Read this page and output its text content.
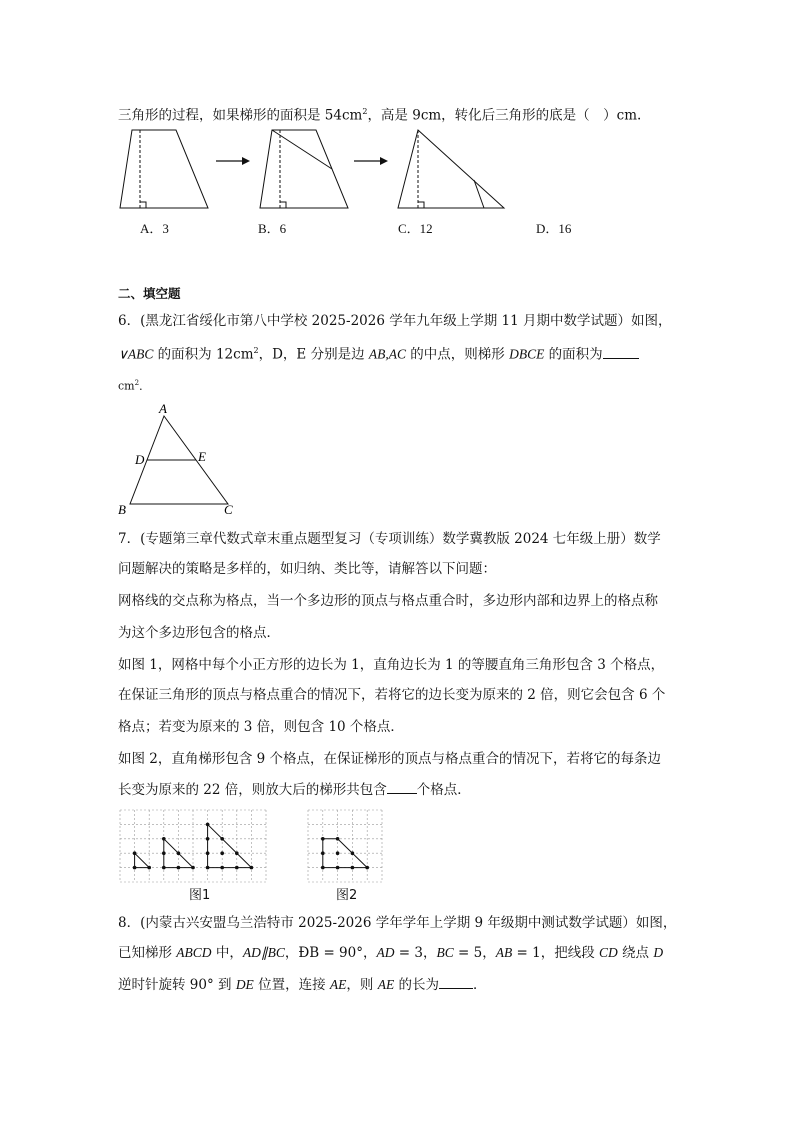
三角形的过程，如果梯形的面积是 $54cm^2$，高是 9cm，转化后三角形的底是（　）cm.
A．3	B．6	C．12	D．16
二、填空题
6．(黑龙江省绥化市第八中学校 2025-2026 学年九年级上学期 11 月期中数学试题）如图，
∨ABC 的面积为 $12cm^2$，D，E 分别是边 AB,AC 的中点，则梯形 DBCE 的面积为
$cm^2$．
A
B	C
D	E
7．(专题第三章代数式章末重点题型复习（专项训练）数学冀教版 2024 七年级上册）数学
问题解决的策略是多样的，如归纳、类比等，请解答以下问题：
网格线的交点称为格点，当一个多边形的顶点与格点重合时，多边形内部和边界上的格点称
为这个多边形包含的格点．
如图 1，网格中每个小正方形的边长为 1，直角边长为 1 的等腰直角三角形包含 3 个格点，
在保证三角形的顶点与格点重合的情况下，若将它的边长变为原来的 2 倍，则它会包含 6 个
格点；若变为原来的 3 倍，则包含 10 个格点．
如图 2，直角梯形包含 9 个格点，在保证梯形的顶点与格点重合的情况下，若将它的每条边
长变为原来的 22 倍，则放大后的梯形共包含 个格点．
图1	图2
8．(内蒙古兴安盟乌兰浩特市 2025-2026 学年学年上学期 9 年级期中测试数学试题）如图，
已知梯形 ABCD 中，AD∥BC，ÐB = 90°，AD = 3，BC = 5，AB = 1，把线段 CD 绕点 D
逆时针旋转 90° 到 DE 位置，连接 AE，则 AE 的长为	．
